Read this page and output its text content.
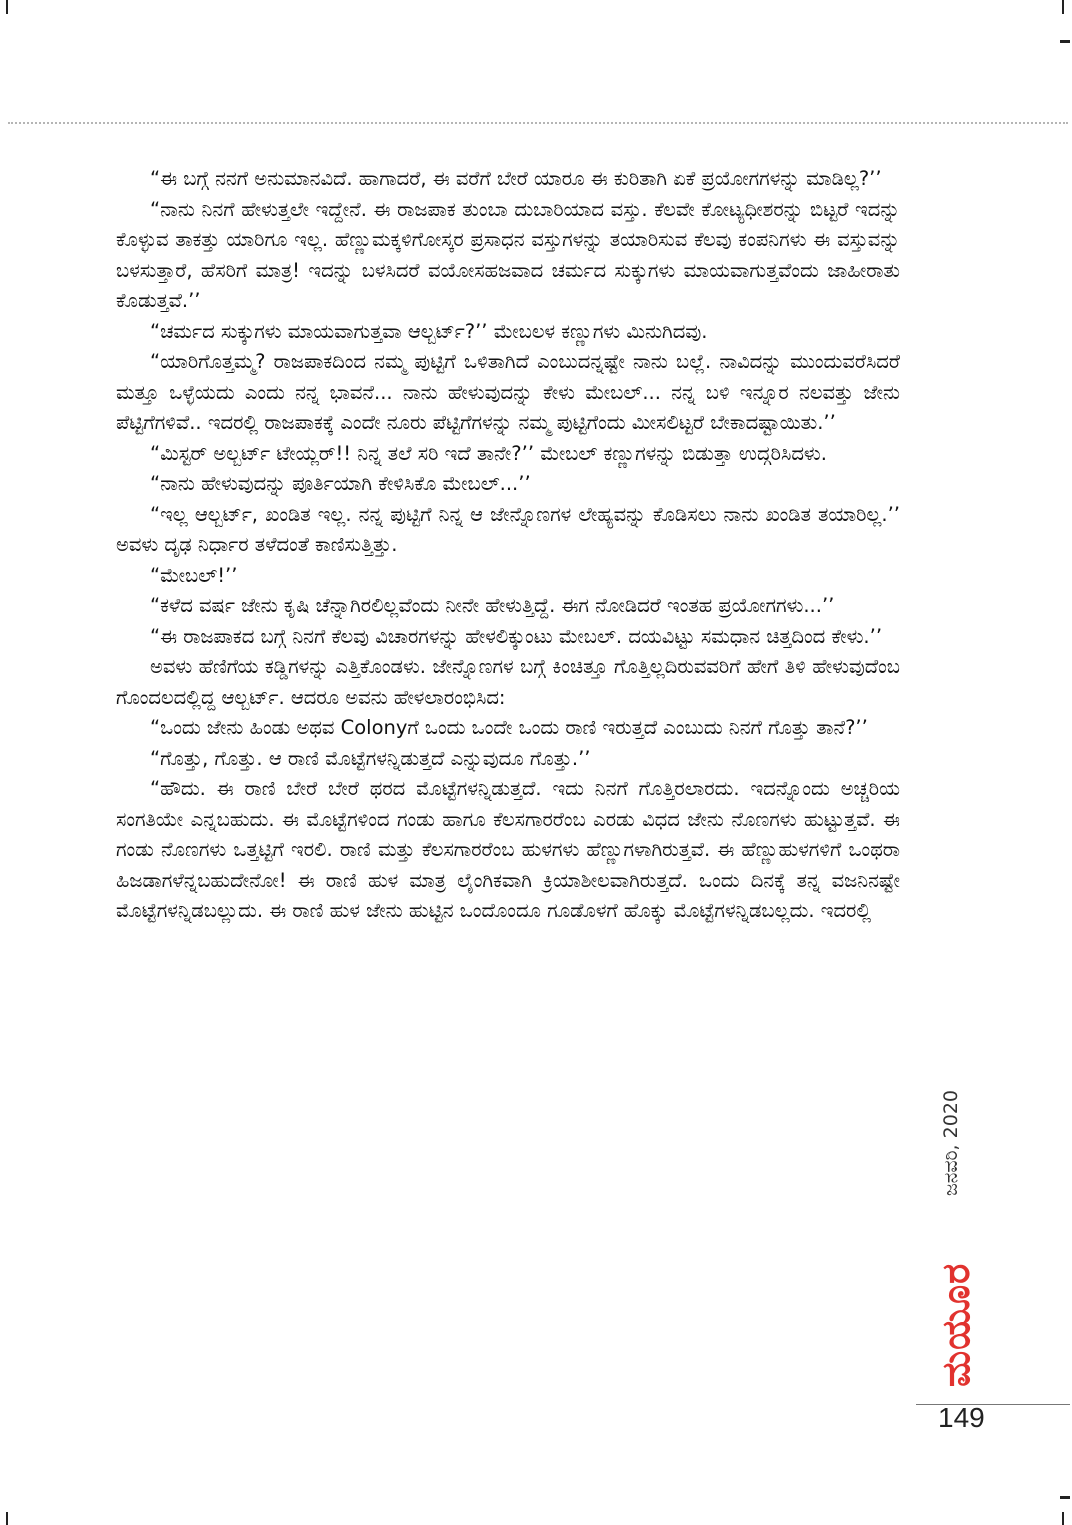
“ಈ ಬಗ್ಗೆ ನನಗೆ ಅನುಮಾನವಿದೆ. ಹಾಗಾದರೆ, ಈ ವರೆಗೆ ಬೇರೆ ಯಾರೂ ಈ ಕುರಿತಾಗಿ ಏಕೆ ಪ್ರಯೋಗಗಳನ್ನು ಮಾಡಿಲ್ಲ?’’

“ನಾನು ನಿನಗೆ ಹೇಳುತ್ತಲೇ ಇದ್ದೇನೆ. ಈ ರಾಜಪಾಕ ತುಂಬಾ ದುಬಾರಿಯಾದ ವಸ್ತು. ಕೆಲವೇ ಕೋಟ್ಯಧೀಶರನ್ನು ಬಿಟ್ಟರೆ ಇದನ್ನು ಕೊಳ್ಳುವ ತಾಕತ್ತು ಯಾರಿಗೂ ಇಲ್ಲ. ಹೆಣ್ಣುಮಕ್ಕಳಿಗೋಸ್ಕರ ಪ್ರಸಾಧನ ವಸ್ತುಗಳನ್ನು ತಯಾರಿಸುವ ಕೆಲವು ಕಂಪನಿಗಳು ಈ ವಸ್ತುವನ್ನು ಬಳಸುತ್ತಾರೆ, ಹೆಸರಿಗೆ ಮಾತ್ರ! ಇದನ್ನು ಬಳಸಿದರೆ ವಯೋಸಹಜವಾದ ಚರ್ಮದ ಸುಕ್ಕುಗಳು ಮಾಯವಾಗುತ್ತವೆಂದು ಜಾಹೀರಾತು ಕೊಡುತ್ತವೆ.’’

“ಚರ್ಮದ ಸುಕ್ಕುಗಳು ಮಾಯವಾಗುತ್ತವಾ ಆಲ್ಬರ್ಟ್?’’ ಮೇಬಲಳ ಕಣ್ಣುಗಳು ಮಿನುಗಿದವು.

“ಯಾರಿಗೊತ್ತಮ್ಮ? ರಾಜಪಾಕದಿಂದ ನಮ್ಮ ಪುಟ್ಟಿಗೆ ಒಳಿತಾಗಿದೆ ಎಂಬುದನ್ನಷ್ಟೇ ನಾನು ಬಲ್ಲೆ. ನಾವಿದನ್ನು ಮುಂದುವರೆಸಿದರೆ ಮತ್ತೂ ಒಳ್ಳೆಯದು ಎಂದು ನನ್ನ ಭಾವನೆ... ನಾನು ಹೇಳುವುದನ್ನು ಕೇಳು ಮೇಬಲ್... ನನ್ನ ಬಳಿ ಇನ್ನೂರ ನಲವತ್ತು ಜೇನು ಪೆಟ್ಟಿಗೆಗಳಿವೆ.. ಇದರಲ್ಲಿ ರಾಜಪಾಕಕ್ಕೆ ಎಂದೇ ನೂರು ಪೆಟ್ಟಿಗೆಗಳನ್ನು ನಮ್ಮ ಪುಟ್ಟಿಗೆಂದು ಮೀಸಲಿಟ್ಟರೆ ಬೇಕಾದಷ್ಟಾಯಿತು.’’

“ಮಿಸ್ಟರ್ ಅಲ್ಬರ್ಟ್ ಟೇಯ್ಲರ್!! ನಿನ್ನ ತಲೆ ಸರಿ ಇದೆ ತಾನೇ?’’ ಮೇಬಲ್ ಕಣ್ಣುಗಳನ್ನು ಬಿಡುತ್ತಾ ಉದ್ಗರಿಸಿದಳು.

“ನಾನು ಹೇಳುವುದನ್ನು ಪೂರ್ತಿಯಾಗಿ ಕೇಳಿಸಿಕೊ ಮೇಬಲ್...’’

“ಇಲ್ಲ ಆಲ್ಬರ್ಟ್, ಖಂಡಿತ ಇಲ್ಲ. ನನ್ನ ಪುಟ್ಟಿಗೆ ನಿನ್ನ ಆ ಜೇನ್ನೊಣಗಳ ಲೇಹ್ಯವನ್ನು ಕೊಡಿಸಲು ನಾನು ಖಂಡಿತ ತಯಾರಿಲ್ಲ.’’ ಅವಳು ದೃಢ ನಿರ್ಧಾರ ತಳೆದಂತೆ ಕಾಣಿಸುತ್ತಿತ್ತು.

“ಮೇಬಲ್!’’

“ಕಳೆದ ವರ್ಷ ಜೇನು ಕೃಷಿ ಚೆನ್ನಾಗಿರಲಿಲ್ಲವೆಂದು ನೀನೇ ಹೇಳುತ್ತಿದ್ದೆ. ಈಗ ನೋಡಿದರೆ ಇಂತಹ ಪ್ರಯೋಗಗಳು...’’

“ಈ ರಾಜಪಾಕದ ಬಗ್ಗೆ ನಿನಗೆ ಕೆಲವು ವಿಚಾರಗಳನ್ನು ಹೇಳಲಿಕ್ಕುಂಟು ಮೇಬಲ್. ದಯವಿಟ್ಟು ಸಮಧಾನ ಚಿತ್ತದಿಂದ ಕೇಳು.’’

ಅವಳು ಹೆಣಿಗೆಯ ಕಡ್ಡಿಗಳನ್ನು ಎತ್ತಿಕೊಂಡಳು. ಜೇನ್ನೊಣಗಳ ಬಗ್ಗೆ ಕಿಂಚಿತ್ತೂ ಗೊತ್ತಿಲ್ಲದಿರುವವರಿಗೆ ಹೇಗೆ ತಿಳಿ ಹೇಳುವುದೆಂಬ ಗೊಂದಲದಲ್ಲಿದ್ದ ಆಲ್ಬರ್ಟ್. ಆದರೂ ಅವನು ಹೇಳಲಾರಂಭಿಸಿದ:

“ಒಂದು ಜೇನು ಹಿಂಡು ಅಥವ Colonyಗೆ ಒಂದು ಒಂದೇ ಒಂದು ರಾಣಿ ಇರುತ್ತದೆ ಎಂಬುದು ನಿನಗೆ ಗೊತ್ತು ತಾನೆ?’’

“ಗೊತ್ತು, ಗೊತ್ತು. ಆ ರಾಣಿ ಮೊಟ್ಟೆಗಳನ್ನಿಡುತ್ತದೆ ಎನ್ನುವುದೂ ಗೊತ್ತು.’’

“ಹೌದು. ಈ ರಾಣಿ ಬೇರೆ ಬೇರೆ ಥರದ ಮೊಟ್ಟೆಗಳನ್ನಿಡುತ್ತದೆ. ಇದು ನಿನಗೆ ಗೊತ್ತಿರಲಾರದು. ಇದನ್ನೊಂದು ಅಚ್ಚರಿಯ ಸಂಗತಿಯೇ ಎನ್ನಬಹುದು. ಈ ಮೊಟ್ಟೆಗಳಿಂದ ಗಂಡು ಹಾಗೂ ಕೆಲಸಗಾರರೆಂಬ ಎರಡು ವಿಧದ ಜೇನು ನೊಣಗಳು ಹುಟ್ಟುತ್ತವೆ. ಈ ಗಂಡು ನೊಣಗಳು ಒತ್ತಟ್ಟಿಗೆ ಇರಲಿ. ರಾಣಿ ಮತ್ತು ಕೆಲಸಗಾರರೆಂಬ ಹುಳಗಳು ಹೆಣ್ಣುಗಳಾಗಿರುತ್ತವೆ. ಈ ಹೆಣ್ಣುಹುಳಗಳಿಗೆ ಒಂಥರಾ ಹಿಜಡಾಗಳೆನ್ನಬಹುದೇನೋ! ಈ ರಾಣಿ ಹುಳ ಮಾತ್ರ ಲೈಂಗಿಕವಾಗಿ ಕ್ರಿಯಾಶೀಲವಾಗಿರುತ್ತದೆ. ಒಂದು ದಿನಕ್ಕೆ ತನ್ನ ವಜನಿನಷ್ಟೇ ಮೊಟ್ಟೆಗಳನ್ನಿಡಬಲ್ಲುದು. ಈ ರಾಣಿ ಹುಳ ಜೇನು ಹುಟ್ಟಿನ ಒಂದೊಂದೂ ಗೂಡೊಳಗೆ ಹೊಕ್ಕು ಮೊಟ್ಟೆಗಳನ್ನಿಡಬಲ್ಲದು. ಇದರಲ್ಲಿ

ಜನವರಿ, 2020
ಮಯೂರ
149
